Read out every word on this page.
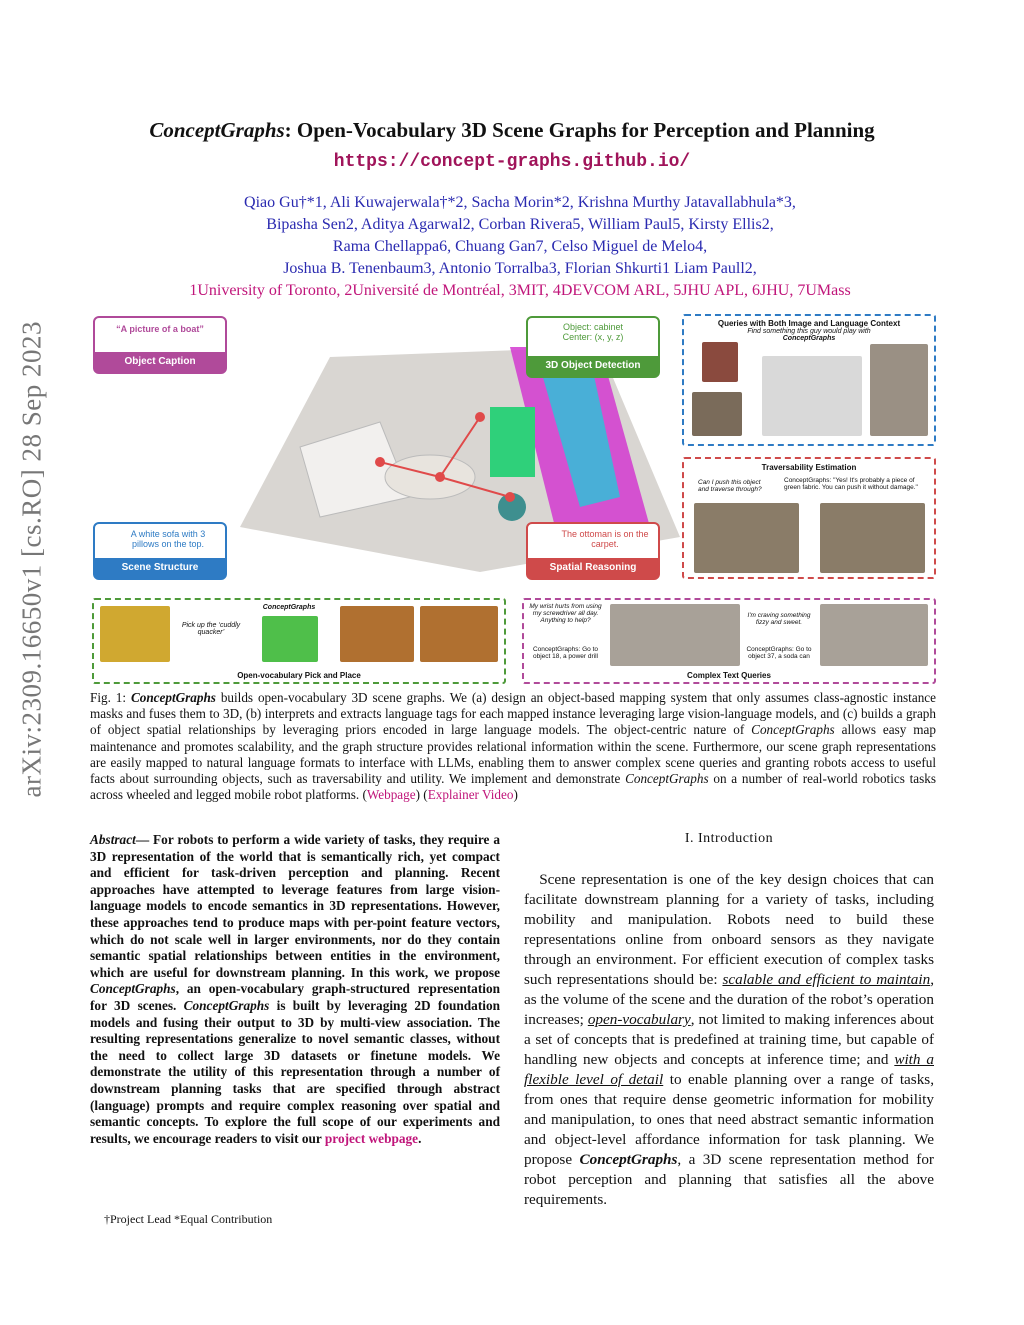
arXiv:2309.16650v1 [cs.RO] 28 Sep 2023
ConceptGraphs: Open-Vocabulary 3D Scene Graphs for Perception and Planning
https://concept-graphs.github.io/
Qiao Gu†*1, Ali Kuwajerwala†*2, Sacha Morin*2, Krishna Murthy Jatavallabhula*3,
Bipasha Sen2, Aditya Agarwal2, Corban Rivera5, William Paul5, Kirsty Ellis2,
Rama Chellappa6, Chuang Gan7, Celso Miguel de Melo4,
Joshua B. Tenenbaum3, Antonio Torralba3, Florian Shkurti1 Liam Paull2,
1University of Toronto, 2Université de Montréal, 3MIT, 4DEVCOM ARL, 5JHU APL, 6JHU, 7UMass
“A picture of a boat”
Object Caption
Object: cabinet
Center: (x, y, z)
3D Object Detection
A white sofa with 3 pillows on the top.
Scene Structure
The ottoman is on the carpet.
Spatial Reasoning
Queries with Both Image and Language Context
Find something this guy would play with
ConceptGraphs
Traversability Estimation
Can I push this object and traverse through?
ConceptGraphs: "Yes! It's probably a piece of green fabric. You can push it without damage."
Pick up the ‘cuddly quacker’
ConceptGraphs
Open-vocabulary Pick and Place
My wrist hurts from using my screwdriver all day. Anything to help?
ConceptGraphs: Go to object 18, a power drill
I'm craving something fizzy and sweet.
ConceptGraphs: Go to object 37, a soda can
Complex Text Queries
Fig. 1: ConceptGraphs builds open-vocabulary 3D scene graphs. We (a) design an object-based mapping system that only assumes class-agnostic instance masks and fuses them to 3D, (b) interprets and extracts language tags for each mapped instance leveraging large vision-language models, and (c) builds a graph of object spatial relationships by leveraging priors encoded in large language models. The object-centric nature of ConceptGraphs allows easy map maintenance and promotes scalability, and the graph structure provides relational information within the scene. Furthermore, our scene graph representations are easily mapped to natural language formats to interface with LLMs, enabling them to answer complex scene queries and granting robots access to useful facts about surrounding objects, such as traversability and utility. We implement and demonstrate ConceptGraphs on a number of real-world robotics tasks across wheeled and legged mobile robot platforms. (Webpage) (Explainer Video)
Abstract— For robots to perform a wide variety of tasks, they require a 3D representation of the world that is semantically rich, yet compact and efficient for task-driven perception and planning. Recent approaches have attempted to leverage features from large vision-language models to encode semantics in 3D representations. However, these approaches tend to produce maps with per-point feature vectors, which do not scale well in larger environments, nor do they contain semantic spatial relationships between entities in the environment, which are useful for downstream planning. In this work, we propose ConceptGraphs, an open-vocabulary graph-structured representation for 3D scenes. ConceptGraphs is built by leveraging 2D foundation models and fusing their output to 3D by multi-view association. The resulting representations generalize to novel semantic classes, without the need to collect large 3D datasets or finetune models. We demonstrate the utility of this representation through a number of downstream planning tasks that are specified through abstract (language) prompts and require complex reasoning over spatial and semantic concepts. To explore the full scope of our experiments and results, we encourage readers to visit our project webpage.
†Project Lead *Equal Contribution
I. Introduction
 Scene representation is one of the key design choices that can facilitate downstream planning for a variety of tasks, including mobility and manipulation. Robots need to build these representations online from onboard sensors as they navigate through an environment. For efficient execution of complex tasks such representations should be: scalable and efficient to maintain, as the volume of the scene and the duration of the robot’s operation increases; open-vocabulary, not limited to making inferences about a set of concepts that is predefined at training time, but capable of handling new objects and concepts at inference time; and with a flexible level of detail to enable planning over a range of tasks, from ones that require dense geometric information for mobility and manipulation, to ones that need abstract semantic information and object-level affordance information for task planning. We propose ConceptGraphs, a 3D scene representation method for robot perception and planning that satisfies all the above requirements.
